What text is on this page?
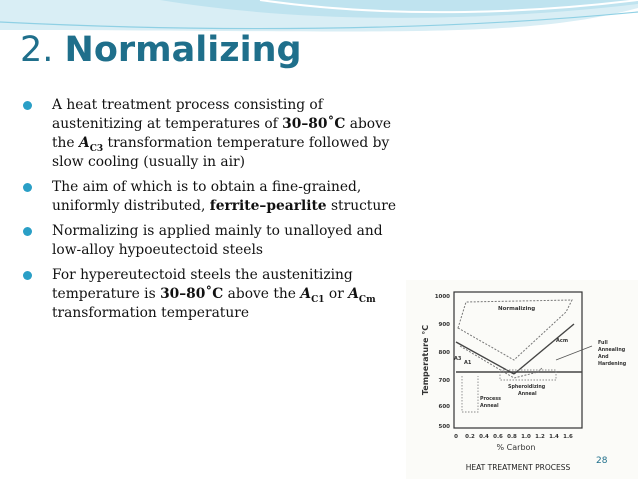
2. Normalizing
A heat treatment process consisting of austenitizing at temperatures of 30–80˚C above the $A_{C3}$ transformation temperature followed by slow cooling (usually in air)
The aim of which is to obtain a fine-grained, uniformly distributed, ferrite–pearlite structure
Normalizing is applied mainly to unalloyed and low-alloy hypoeutectoid steels
For hypereutectoid steels the austenitizing temperature is 30–80˚C above the $A_{C1}$ or $A_{Cm}$ transformation temperature
1000
900
800
700
600
500
0 0.2 0.4 0.6 0.8 1.0 1.2 1.4 1.6
Temperature °C
% Carbon
Normalizing
Acm
A3
A1
Full
Annealing
And
Hardening
Spheroidizing
Anneal
Process
Anneal
HEAT TREATMENT PROCESS
28
